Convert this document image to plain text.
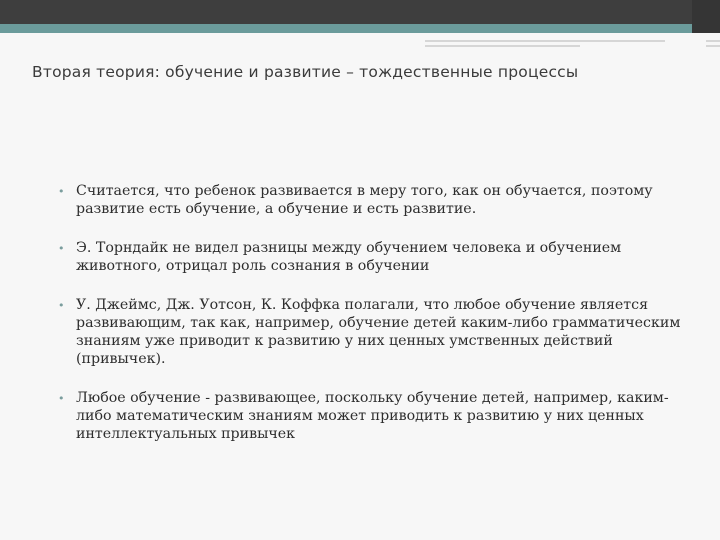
Вторая теория: обучение и развитие – тождественные процессы
• Считается, что ребенок развивается в меру того, как он обучается, поэтому развитие есть обучение, а обучение и есть развитие.
• Э. Торндайк не видел разницы между обучением человека и обучением животного, отрицал роль сознания в обучении
• У. Джеймс, Дж. Уотсон, К. Коффка полагали, что любое обучение является развивающим, так как, например, обучение детей каким-либо грамматическим знаниям уже приводит к развитию у них ценных умственных действий (привычек).
• Любое обучение - развивающее, поскольку обучение детей, например, каким-либо математическим знаниям может приводить к развитию у них ценных интеллектуальных привычек
